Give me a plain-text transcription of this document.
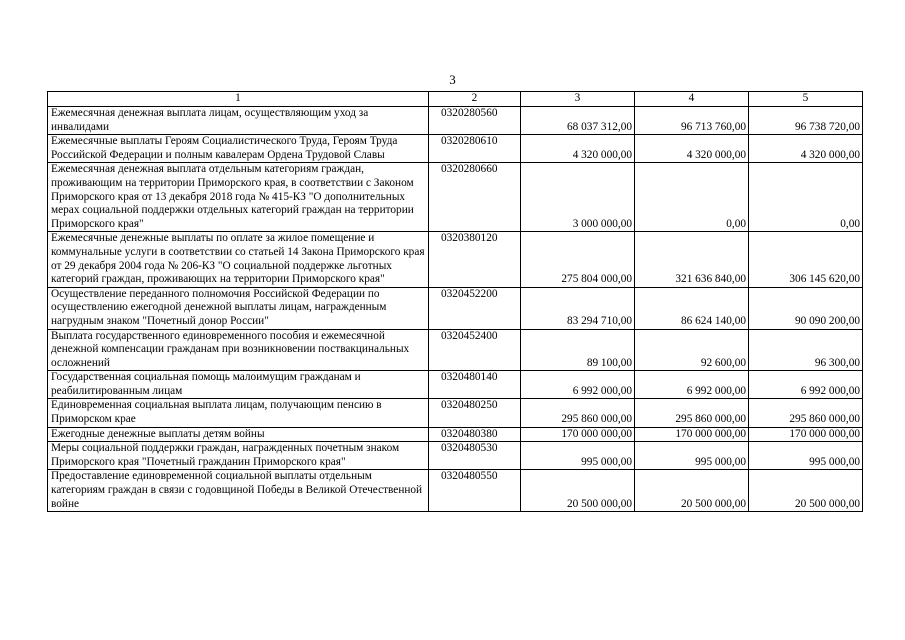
3
1	2	3	4	5
Ежемесячная денежная выплата лицам, осуществляющим уход за инвалидами	0320280560	68 037 312,00	96 713 760,00	96 738 720,00
Ежемесячные выплаты Героям Социалистического Труда, Героям Труда Российской Федерации и полным кавалерам Ордена Трудовой Славы	0320280610	4 320 000,00	4 320 000,00	4 320 000,00
Ежемесячная денежная выплата отдельным категориям граждан, проживающим на территории Приморского края, в соответствии с Законом Приморского края от 13 декабря 2018 года № 415-КЗ "О дополнительных мерах социальной поддержки отдельных категорий граждан на территории Приморского края"	0320280660	3 000 000,00	0,00	0,00
Ежемесячные денежные выплаты по оплате за жилое помещение и коммунальные услуги в соответствии со статьей 14 Закона Приморского края от 29 декабря 2004 года № 206-КЗ "О социальной поддержке льготных категорий граждан, проживающих на территории Приморского края"	0320380120	275 804 000,00	321 636 840,00	306 145 620,00
Осуществление переданного полномочия Российской Федерации по осуществлению ежегодной денежной выплаты лицам, награжденным нагрудным знаком "Почетный донор России"	0320452200	83 294 710,00	86 624 140,00	90 090 200,00
Выплата государственного единовременного пособия и ежемесячной денежной компенсации гражданам при возникновении поствакцинальных осложнений	0320452400	89 100,00	92 600,00	96 300,00
Государственная социальная помощь малоимущим гражданам и реабилитированным лицам	0320480140	6 992 000,00	6 992 000,00	6 992 000,00
Единовременная социальная выплата лицам, получающим пенсию в Приморском крае	0320480250	295 860 000,00	295 860 000,00	295 860 000,00
Ежегодные денежные выплаты детям войны	0320480380	170 000 000,00	170 000 000,00	170 000 000,00
Меры социальной поддержки граждан, награжденных почетным знаком Приморского края "Почетный гражданин Приморского края"	0320480530	995 000,00	995 000,00	995 000,00
Предоставление единовременной социальной выплаты отдельным категориям граждан в связи с годовщиной Победы в Великой Отечественной войне	0320480550	20 500 000,00	20 500 000,00	20 500 000,00
